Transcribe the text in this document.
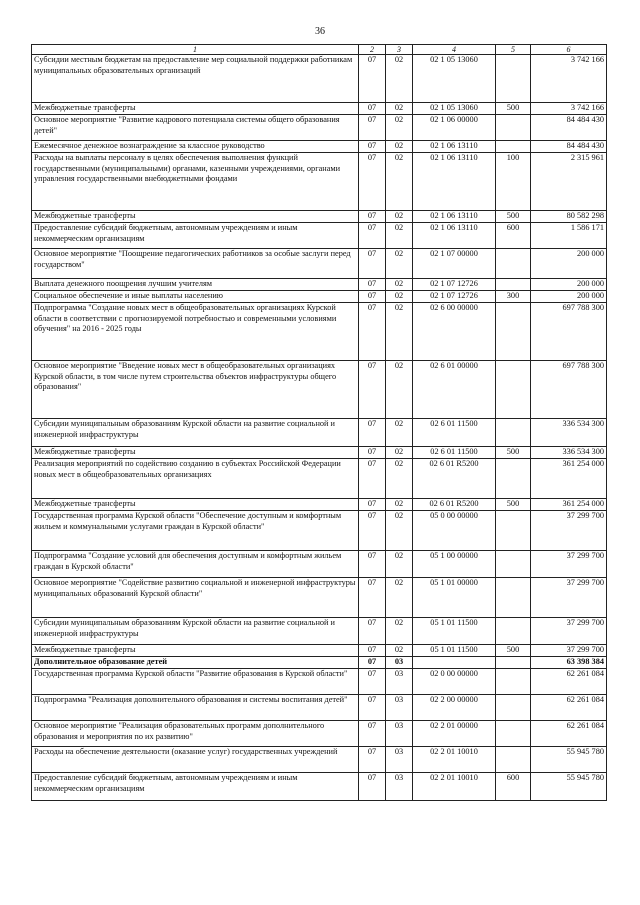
36
1	2	3	4	5	6
Субсидии местным бюджетам на предоставление мер социальной поддержки работникам муниципальных образовательных организаций	07	02	02 1 05 13060		3 742 166
Межбюджетные трансферты	07	02	02 1 05 13060	500	3 742 166
Основное мероприятие "Развитие кадрового потенциала системы общего образования детей"	07	02	02 1 06 00000		84 484 430
Ежемесячное денежное вознаграждение за классное руководство	07	02	02 1 06 13110		84 484 430
Расходы на выплаты персоналу в целях обеспечения выполнения функций государственными (муниципальными) органами, казенными учреждениями, органами управления государственными внебюджетными фондами	07	02	02 1 06 13110	100	2 315 961
Межбюджетные трансферты	07	02	02 1 06 13110	500	80 582 298
Предоставление субсидий бюджетным, автономным учреждениям и иным некоммерческим организациям	07	02	02 1 06 13110	600	1 586 171
Основное мероприятие "Поощрение педагогических работников за особые заслуги перед государством"	07	02	02 1 07 00000		200 000
Выплата денежного поощрения лучшим учителям	07	02	02 1 07 12726		200 000
Социальное обеспечение и иные выплаты населению	07	02	02 1 07 12726	300	200 000
Подпрограмма "Создание новых мест в общеобразовательных организациях Курской области в соответствии с прогнозируемой потребностью и современными условиями обучения" на 2016 - 2025 годы	07	02	02 6 00 00000		697 788 300
Основное мероприятие "Введение новых мест в общеобразовательных организациях Курской области, в том числе путем строительства объектов инфраструктуры общего образования"	07	02	02 6 01 00000		697 788 300
Субсидии муниципальным образованиям Курской области на развитие социальной и инженерной инфраструктуры	07	02	02 6 01 11500		336 534 300
Межбюджетные трансферты	07	02	02 6 01 11500	500	336 534 300
Реализация мероприятий по содействию созданию в субъектах Российской Федерации новых мест в общеобразовательных организациях	07	02	02 6 01 R5200		361 254 000
Межбюджетные трансферты	07	02	02 6 01 R5200	500	361 254 000
Государственная программа Курской области "Обеспечение доступным и комфортным жильем и коммунальными услугами граждан в Курской области"	07	02	05 0 00 00000		37 299 700
Подпрограмма "Создание условий для обеспечения доступным и комфортным жильем граждан в Курской области"	07	02	05 1 00 00000		37 299 700
Основное мероприятие "Содействие развитию социальной и инженерной инфраструктуры муниципальных образований Курской области"	07	02	05 1 01 00000		37 299 700
Субсидии муниципальным образованиям Курской области на развитие социальной и инженерной инфраструктуры	07	02	05 1 01 11500		37 299 700
Межбюджетные трансферты	07	02	05 1 01 11500	500	37 299 700
Дополнительное образование детей	07	03			63 398 384
Государственная программа Курской области "Развитие образования в Курской области"	07	03	02 0 00 00000		62 261 084
Подпрограмма "Реализация дополнительного образования и системы воспитания детей"	07	03	02 2 00 00000		62 261 084
Основное мероприятие "Реализация образовательных программ дополнительного образования и мероприятия по их развитию"	07	03	02 2 01 00000		62 261 084
Расходы на обеспечение деятельности (оказание услуг) государственных учреждений	07	03	02 2 01 10010		55 945 780
Предоставление субсидий бюджетным, автономным учреждениям и иным некоммерческим организациям	07	03	02 2 01 10010	600	55 945 780
